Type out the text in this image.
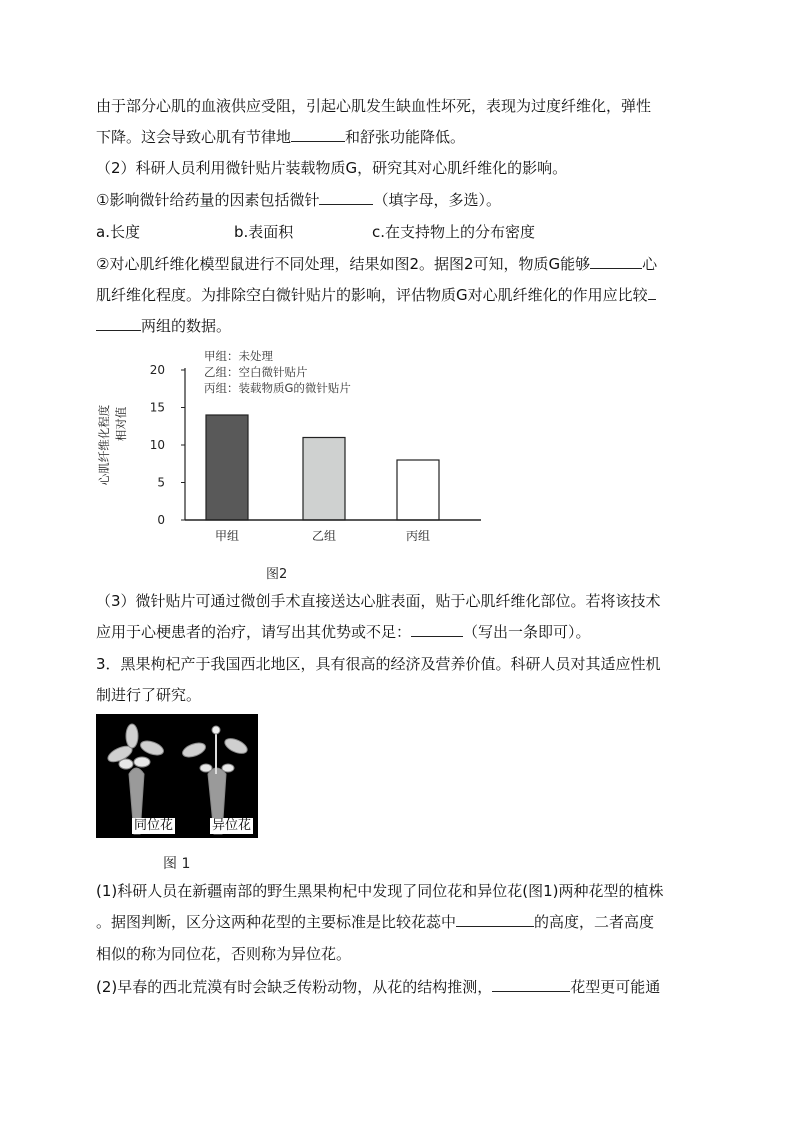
由于部分心肌的血液供应受阻，引起心肌发生缺血性坏死，表现为过度纤维化，弹性
下降。这会导致心肌有节律地	和舒张功能降低。
（2）科研人员利用微针贴片装载物质G，研究其对心肌纤维化的影响。
①影响微针给药量的因素包括微针	（填字母，多选）。
a.长度	b.表面积	c.在支持物上的分布密度
②对心肌纤维化模型鼠进行不同处理，结果如图2。据图2可知，物质G能够	心
肌纤维化程度。为排除空白微针贴片的影响，评估物质G对心肌纤维化的作用应比较
两组的数据。
甲组：未处理
乙组：空白微针贴片
丙组：装载物质G的微针贴片
0
5
10
15
20
甲组	乙组	丙组
心肌纤维化程度 相对值
图2
（3）微针贴片可通过微创手术直接送达心脏表面，贴于心肌纤维化部位。若将该技术
应用于心梗患者的治疗，请写出其优势或不足：	（写出一条即可）。
3．黑果枸杞产于我国西北地区，具有很高的经济及营养价值。科研人员对其适应性机
制进行了研究。
同位花	异位花
图 1
(1)科研人员在新疆南部的野生黑果枸杞中发现了同位花和异位花(图1)两种花型的植株
。据图判断，区分这两种花型的主要标准是比较花蕊中	的高度，二者高度
相似的称为同位花，否则称为异位花。
(2)早春的西北荒漠有时会缺乏传粉动物，从花的结构推测，	花型更可能通
